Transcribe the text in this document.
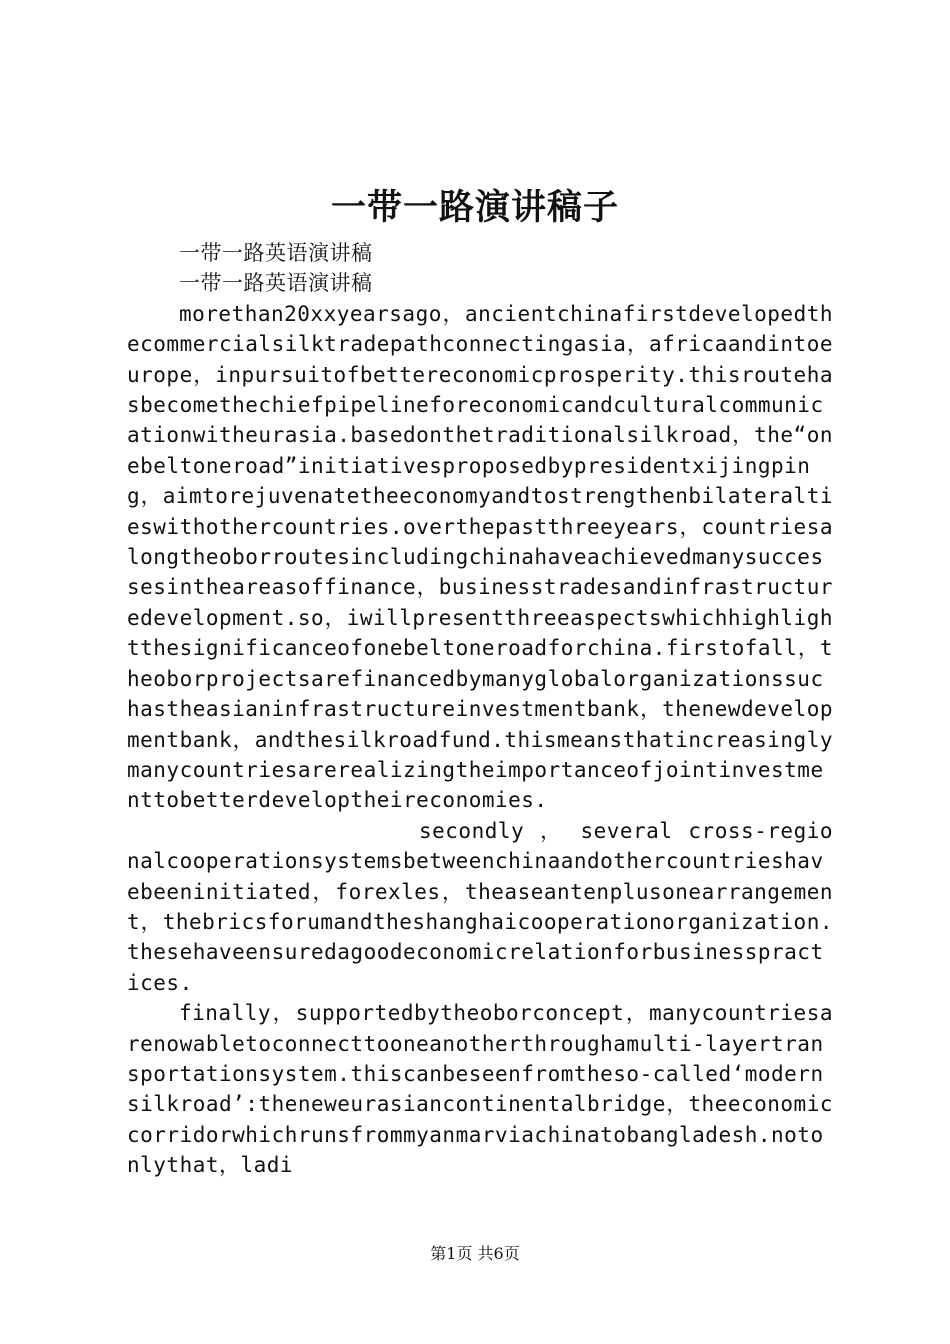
一带一路演讲稿子
一带一路英语演讲稿
一带一路英语演讲稿

morethan20xxyearsago，ancientchinafirstdevelopedthecommercialsilktradepathconnectingasia，africaandintoeurope，inpursuitofbettereconomicprosperity.thisroutehasbecomethechiefpipelineforeconomicandculturalcommunicationwitheurasia.basedonthetraditionalsilkroad，the“onebeltoneroad”initiativesproposedbypresidentxijingping，aimtorejuvenatetheeconomyandtostrengthenbilateraltieswithothercountries.overthepastthreeyears，countriesalongtheoborroutesincludingchinahaveachievedmanysuccessesintheareasoffinance，businesstradesandinfrastructuredevelopment.so，iwillpresentthreeaspectswhichhighlightthesignificanceofonebeltoneroadforchina.firstofall，theoborprojectsarefinancedbymanyglobalorganizationssuchastheasianinfrastructureinvestmentbank，thenewdevelopmentbank，andthesilkroadfund.thismeansthatincreasinglymanycountriesarerealizingtheimportanceofjointinvestmenttobetterdeveloptheireconomies.

secondly ， several cross-regionalcooperationsystemsbetweenchinaandothercountrieshavebeeninitiated，forexles，theaseantenplusonearrangement，thebricsforumandtheshanghaicooperationorganization.thesehaveensuredagoodeconomicrelationforbusinesspractices.

finally，supportedbytheoborconcept，manycountriesarenowabletoconnecttooneanotherthroughamulti-layertransportationsystem.thiscanbeseenfromtheso-called‘modernsilkroad’:theneweurasiancontinentalbridge，theeconomiccorridorwhichrunsfrommyanmarviachinatobangladesh.notonlythat，ladi

第1页 共6页
